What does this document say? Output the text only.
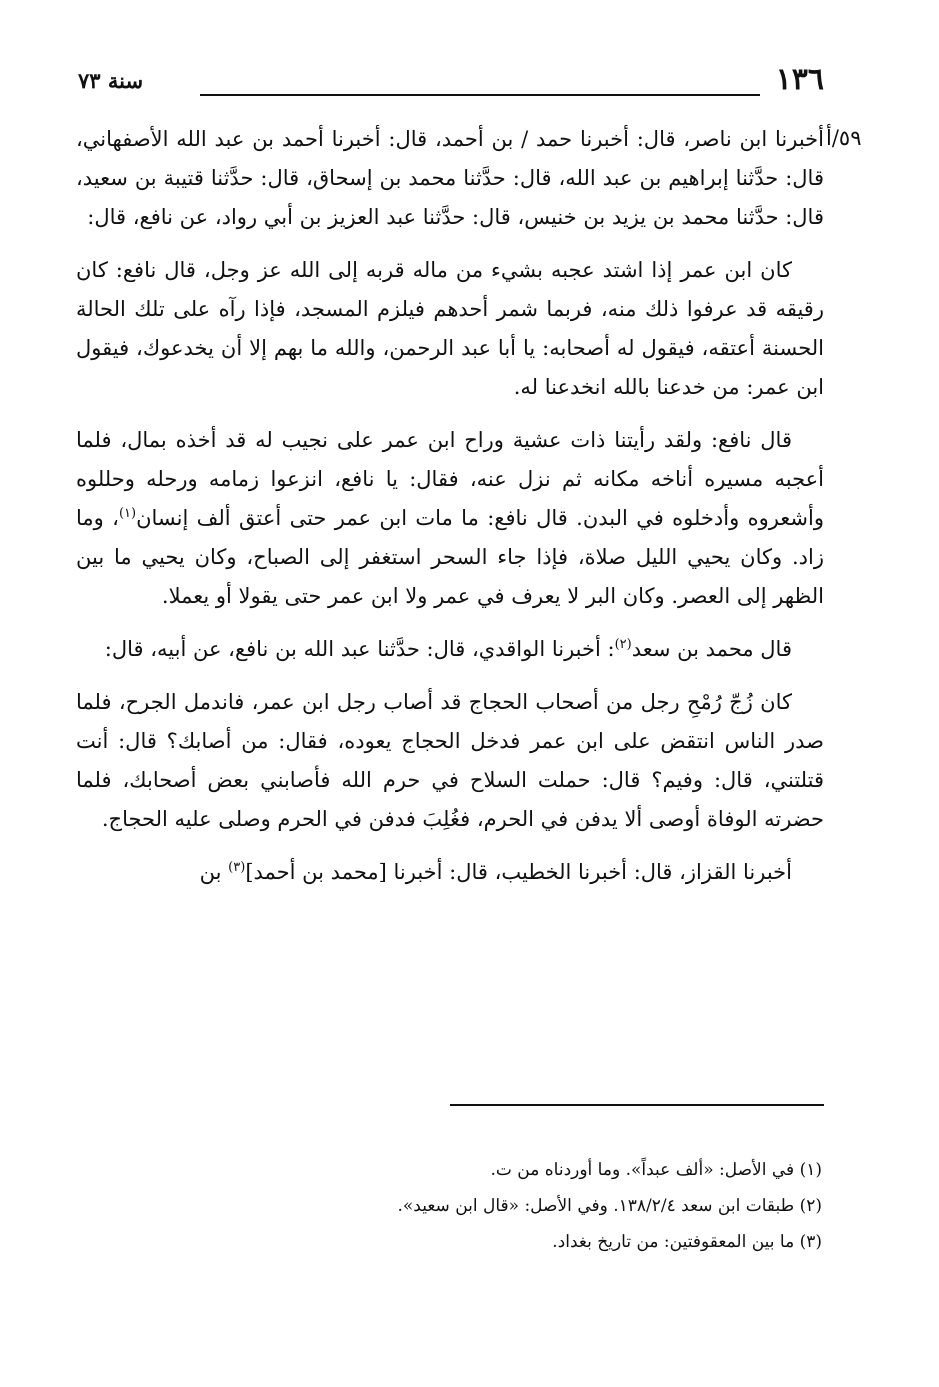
١٣٦
سنة ٧٣
٥٩/أ

أخبرنا ابن ناصر، قال: أخبرنا حمد / بن أحمد، قال: أخبرنا أحمد بن عبد الله الأصفهاني، قال: حدَّثنا إبراهيم بن عبد الله، قال: حدَّثنا محمد بن إسحاق، قال: حدَّثنا قتيبة بن سعيد، قال: حدَّثنا محمد بن يزيد بن خنيس، قال: حدَّثنا عبد العزيز بن أبي رواد، عن نافع، قال:

كان ابن عمر إذا اشتد عجبه بشيء من ماله قربه إلى الله عز وجل، قال نافع: كان رقيقه قد عرفوا ذلك منه، فربما شمر أحدهم فيلزم المسجد، فإذا رآه على تلك الحالة الحسنة أعتقه، فيقول له أصحابه: يا أبا عبد الرحمن، والله ما بهم إلا أن يخدعوك، فيقول ابن عمر: من خدعنا بالله انخدعنا له.

قال نافع: ولقد رأيتنا ذات عشية وراح ابن عمر على نجيب له قد أخذه بمال، فلما أعجبه مسيره أناخه مكانه ثم نزل عنه، فقال: يا نافع، انزعوا زمامه ورحله وحللوه وأشعروه وأدخلوه في البدن. قال نافع: ما مات ابن عمر حتى أعتق ألف إنسان$^{(١)}$، وما زاد. وكان يحيي الليل صلاة، فإذا جاء السحر استغفر إلى الصباح، وكان يحيي ما بين الظهر إلى العصر. وكان البر لا يعرف في عمر ولا ابن عمر حتى يقولا أو يعملا.

قال محمد بن سعد$^{(٢)}$: أخبرنا الواقدي، قال: حدَّثنا عبد الله بن نافع، عن أبيه، قال:

كان زُجّ رُمْحِ رجل من أصحاب الحجاج قد أصاب رجل ابن عمر، فاندمل الجرح، فلما صدر الناس انتقض على ابن عمر فدخل الحجاج يعوده، فقال: من أصابك؟ قال: أنت قتلتني، قال: وفيم؟ قال: حملت السلاح في حرم الله فأصابني بعض أصحابك، فلما حضرته الوفاة أوصى ألا يدفن في الحرم، فغُلِبَ فدفن في الحرم وصلى عليه الحجاج.

أخبرنا القزاز، قال: أخبرنا الخطيب، قال: أخبرنا [محمد بن أحمد]$^{(٣)}$ بن

(١) في الأصل: «ألف عبداً». وما أوردناه من ت.
(٢) طبقات ابن سعد ١٣٨/٢/٤. وفي الأصل: «قال ابن سعيد».
(٣) ما بين المعقوفتين: من تاريخ بغداد.
